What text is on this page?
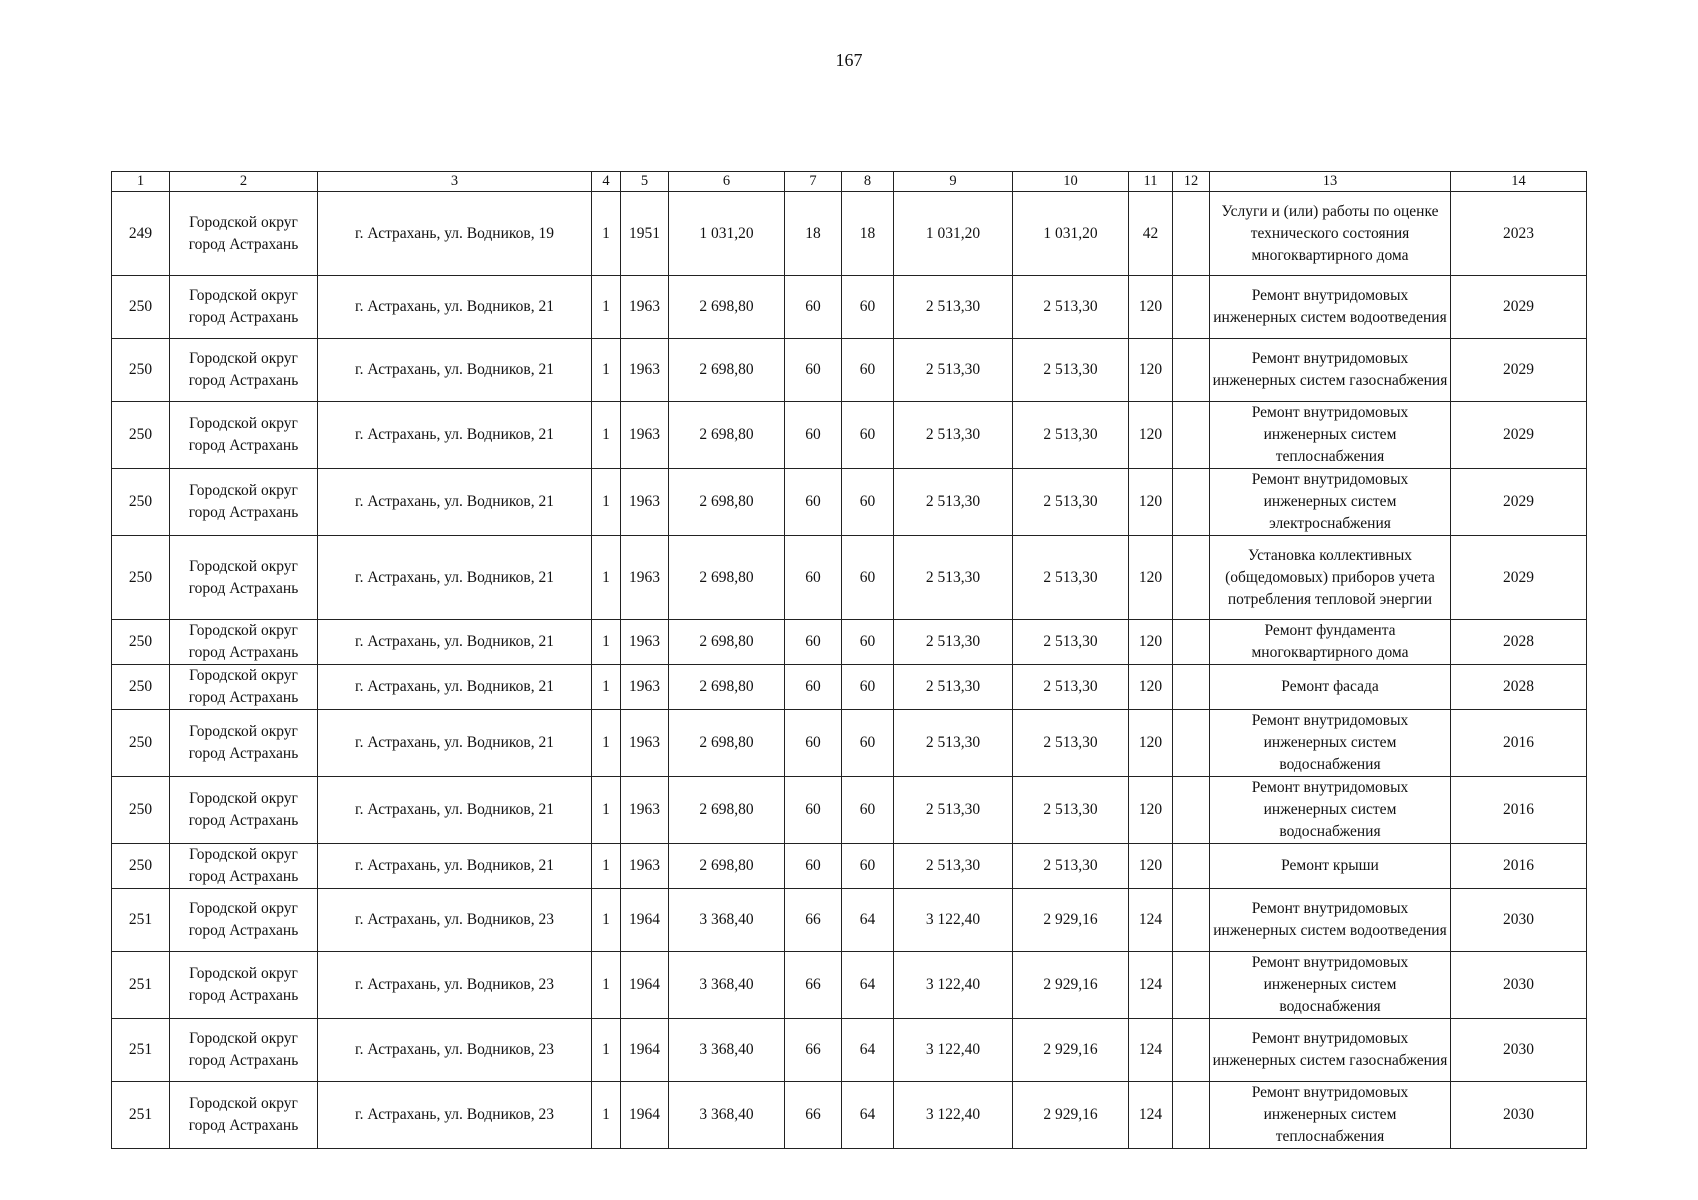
167
1	2	3	4	5	6	7	8	9	10	11	12	13	14
249	Городской округ город Астрахань	г. Астрахань, ул. Водников, 19	1	1951	1 031,20	18	18	1 031,20	1 031,20	42		Услуги и (или) работы по оценке технического состояния многоквартирного дома	2023
250	Городской округ город Астрахань	г. Астрахань, ул. Водников, 21	1	1963	2 698,80	60	60	2 513,30	2 513,30	120		Ремонт внутридомовых инженерных систем водоотведения	2029
250	Городской округ город Астрахань	г. Астрахань, ул. Водников, 21	1	1963	2 698,80	60	60	2 513,30	2 513,30	120		Ремонт внутридомовых инженерных систем газоснабжения	2029
250	Городской округ город Астрахань	г. Астрахань, ул. Водников, 21	1	1963	2 698,80	60	60	2 513,30	2 513,30	120		Ремонт внутридомовых инженерных систем теплоснабжения	2029
250	Городской округ город Астрахань	г. Астрахань, ул. Водников, 21	1	1963	2 698,80	60	60	2 513,30	2 513,30	120		Ремонт внутридомовых инженерных систем электроснабжения	2029
250	Городской округ город Астрахань	г. Астрахань, ул. Водников, 21	1	1963	2 698,80	60	60	2 513,30	2 513,30	120		Установка коллективных (общедомовых) приборов учета потребления тепловой энергии	2029
250	Городской округ город Астрахань	г. Астрахань, ул. Водников, 21	1	1963	2 698,80	60	60	2 513,30	2 513,30	120		Ремонт фундамента многоквартирного дома	2028
250	Городской округ город Астрахань	г. Астрахань, ул. Водников, 21	1	1963	2 698,80	60	60	2 513,30	2 513,30	120		Ремонт фасада	2028
250	Городской округ город Астрахань	г. Астрахань, ул. Водников, 21	1	1963	2 698,80	60	60	2 513,30	2 513,30	120		Ремонт внутридомовых инженерных систем водоснабжения	2016
250	Городской округ город Астрахань	г. Астрахань, ул. Водников, 21	1	1963	2 698,80	60	60	2 513,30	2 513,30	120		Ремонт внутридомовых инженерных систем водоснабжения	2016
250	Городской округ город Астрахань	г. Астрахань, ул. Водников, 21	1	1963	2 698,80	60	60	2 513,30	2 513,30	120		Ремонт крыши	2016
251	Городской округ город Астрахань	г. Астрахань, ул. Водников, 23	1	1964	3 368,40	66	64	3 122,40	2 929,16	124		Ремонт внутридомовых инженерных систем водоотведения	2030
251	Городской округ город Астрахань	г. Астрахань, ул. Водников, 23	1	1964	3 368,40	66	64	3 122,40	2 929,16	124		Ремонт внутридомовых инженерных систем водоснабжения	2030
251	Городской округ город Астрахань	г. Астрахань, ул. Водников, 23	1	1964	3 368,40	66	64	3 122,40	2 929,16	124		Ремонт внутридомовых инженерных систем газоснабжения	2030
251	Городской округ город Астрахань	г. Астрахань, ул. Водников, 23	1	1964	3 368,40	66	64	3 122,40	2 929,16	124		Ремонт внутридомовых инженерных систем теплоснабжения	2030
